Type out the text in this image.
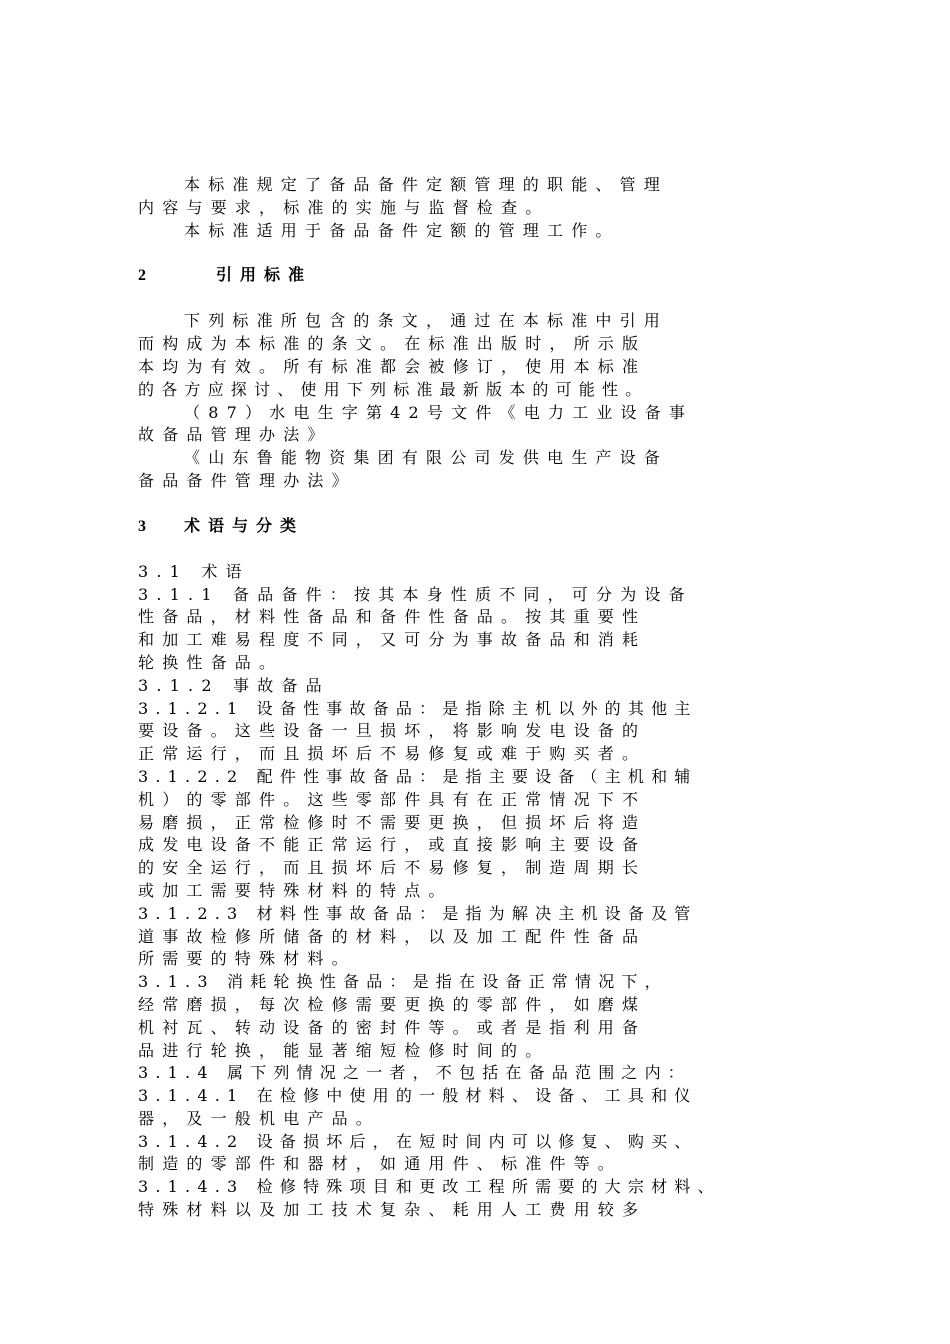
本标准规定了备品备件定额管理的职能、管理
内容与要求，标准的实施与监督检查。
本标准适用于备品备件定额的管理工作。
2	引用标准
下列标准所包含的条文，通过在本标准中引用
而构成为本标准的条文。在标准出版时，所示版
本均为有效。所有标准都会被修订，使用本标准
的各方应探讨、使用下列标准最新版本的可能性。
（87）水电生字第42号文件《电力工业设备事
故备品管理办法》
《山东鲁能物资集团有限公司发供电生产设备
备品备件管理办法》
3 术语与分类
3.1 术语
3.1.1 备品备件：按其本身性质不同，可分为设备
性备品，材料性备品和备件性备品。按其重要性
和加工难易程度不同，又可分为事故备品和消耗
轮换性备品。
3.1.2 事故备品
3.1.2.1 设备性事故备品：是指除主机以外的其他主
要设备。这些设备一旦损坏，将影响发电设备的
正常运行，而且损坏后不易修复或难于购买者。
3.1.2.2 配件性事故备品：是指主要设备（主机和辅
机）的零部件。这些零部件具有在正常情况下不
易磨损，正常检修时不需要更换，但损坏后将造
成发电设备不能正常运行，或直接影响主要设备
的安全运行，而且损坏后不易修复，制造周期长
或加工需要特殊材料的特点。
3.1.2.3 材料性事故备品：是指为解决主机设备及管
道事故检修所储备的材料，以及加工配件性备品
所需要的特殊材料。
3.1.3 消耗轮换性备品：是指在设备正常情况下，
经常磨损，每次检修需要更换的零部件，如磨煤
机衬瓦、转动设备的密封件等。或者是指利用备
品进行轮换，能显著缩短检修时间的。
3.1.4 属下列情况之一者，不包括在备品范围之内：
3.1.4.1 在检修中使用的一般材料、设备、工具和仪
器，及一般机电产品。
3.1.4.2 设备损坏后，在短时间内可以修复、购买、
制造的零部件和器材，如通用件、标准件等。
3.1.4.3 检修特殊项目和更改工程所需要的大宗材料、
特殊材料以及加工技术复杂、耗用人工费用较多
